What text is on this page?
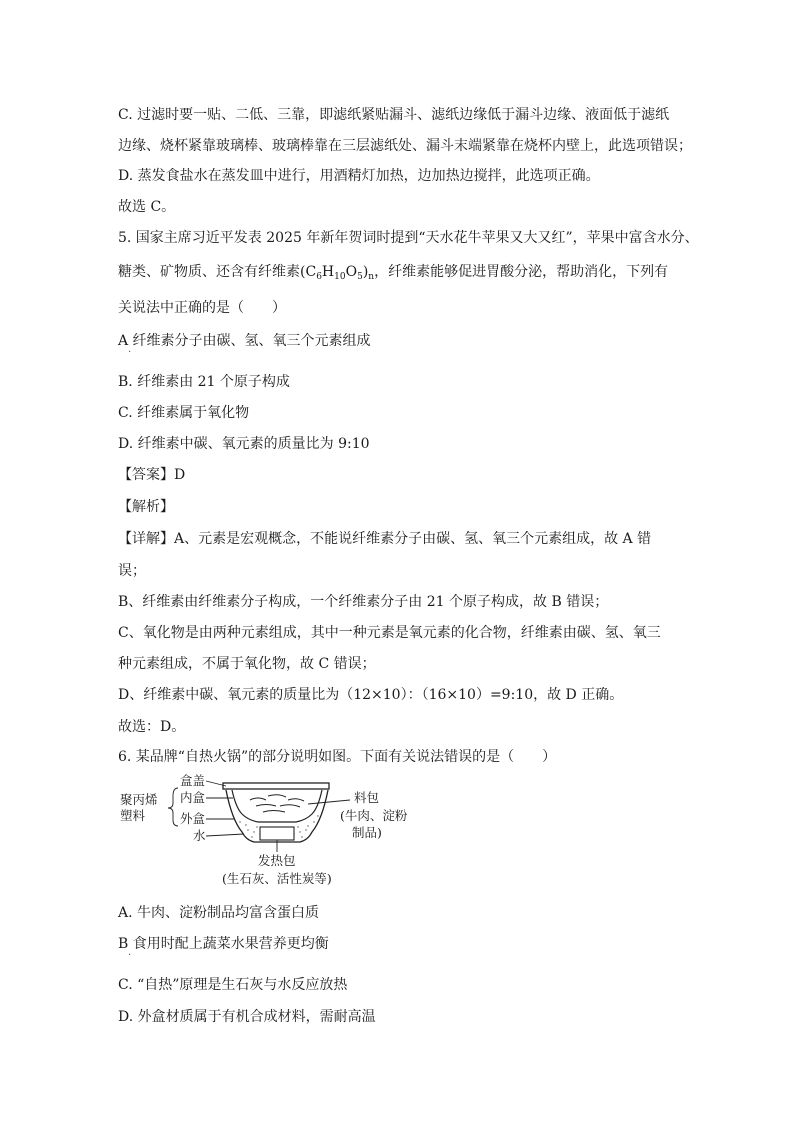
C. 过滤时要一贴、二低、三靠，即滤纸紧贴漏斗、滤纸边缘低于漏斗边缘、液面低于滤纸
边缘、烧杯紧靠玻璃棒、玻璃棒靠在三层滤纸处、漏斗末端紧靠在烧杯内壁上，此选项错误；
D. 蒸发食盐水在蒸发皿中进行，用酒精灯加热，边加热边搅拌，此选项正确。
故选 C。
5. 国家主席习近平发表 2025 年新年贺词时提到“天水花牛苹果又大又红”，苹果中富含水分、
糖类、矿物质、还含有纤维素$(C_6H_{10}O_5)_n$，纤维素能够促进胃酸分泌，帮助消化，下列有
关说法中正确的是（　　）
A 纤维素分子由碳、氢、氧三个元素组成
·
B. 纤维素由 21 个原子构成
C. 纤维素属于氧化物
D. 纤维素中碳、氧元素的质量比为 9:10
【答案】D
【解析】
【详解】A、元素是宏观概念，不能说纤维素分子由碳、氢、氧三个元素组成，故 A 错
误；
B、纤维素由纤维素分子构成，一个纤维素分子由 21 个原子构成，故 B 错误；
C、氧化物是由两种元素组成，其中一种元素是氧元素的化合物，纤维素由碳、氢、氧三
种元素组成，不属于氧化物，故 C 错误；
D、纤维素中碳、氧元素的质量比为（12×10）：（16×10）=9:10，故 D 正确。
故选：D。
6. 某品牌“自热火锅”的部分说明如图。下面有关说法错误的是（　　）
盒盖
内盒
外盒
水
聚丙烯
塑料
料包
(牛肉、淀粉
制品)
发热包
(生石灰、活性炭等)
A. 牛肉、淀粉制品均富含蛋白质
B 食用时配上蔬菜水果营养更均衡
·
C. “自热”原理是生石灰与水反应放热
D. 外盒材质属于有机合成材料，需耐高温
